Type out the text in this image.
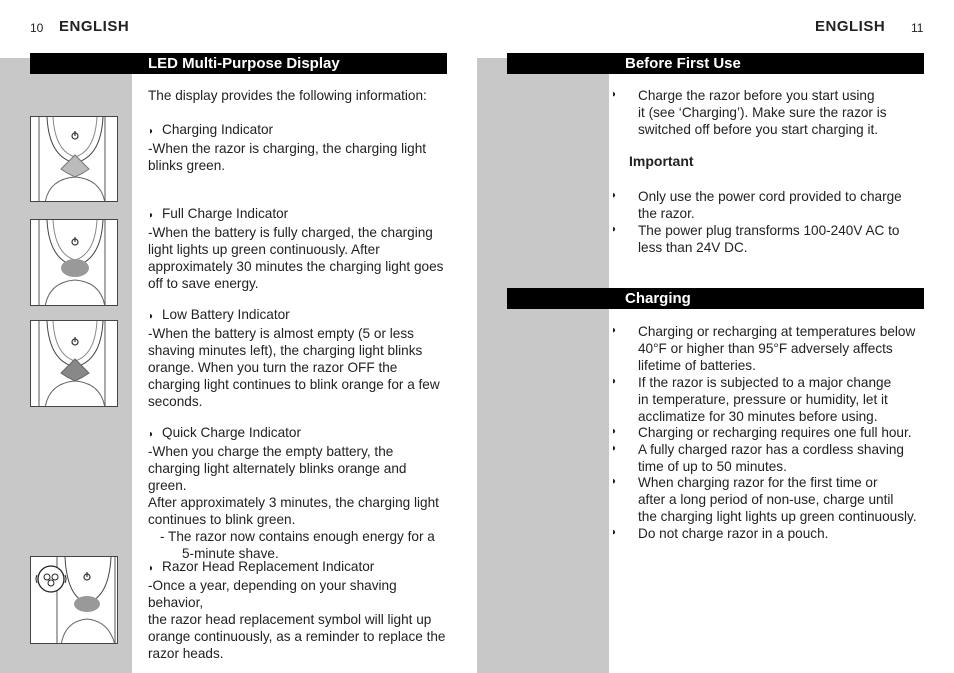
10 ENGLISH
LED Multi-Purpose Display
The display provides the following information:
◗ Charging Indicator
-When the razor is charging, the charging light
blinks green.
◗ Full Charge Indicator
-When the battery is fully charged, the charging
light lights up green continuously. After
approximately 30 minutes the charging light goes
off to save energy.
◗ Low Battery Indicator
-When the battery is almost empty (5 or less
shaving minutes left), the charging light blinks
orange. When you turn the razor OFF the
charging light continues to blink orange for a few
seconds.
◗ Quick Charge Indicator
-When you charge the empty battery, the
charging light alternately blinks orange and green.
After approximately 3 minutes, the charging light
continues to blink green.
- The razor now contains enough energy for a
5-minute shave.
◗ Razor Head Replacement Indicator
-Once a year, depending on your shaving behavior,
the razor head replacement symbol will light up
orange continuously, as a reminder to replace the
razor heads.
ENGLISH 11
Before First Use
◗ Charge the razor before you start using
it (see ‘Charging’). Make sure the razor is
switched off before you start charging it.
Important
◗ Only use the power cord provided to charge
the razor.
◗ The power plug transforms 100-240V AC to
less than 24V DC.
Charging
◗ Charging or recharging at temperatures below
40°F or higher than 95°F adversely affects
lifetime of batteries.
◗ If the razor is subjected to a major change
in temperature, pressure or humidity, let it
acclimatize for 30 minutes before using.
◗ Charging or recharging requires one full hour.
◗ A fully charged razor has a cordless shaving
time of up to 50 minutes.
◗ When charging razor for the first time or
after a long period of non-use, charge until
the charging light lights up green continuously.
◗ Do not charge razor in a pouch.
